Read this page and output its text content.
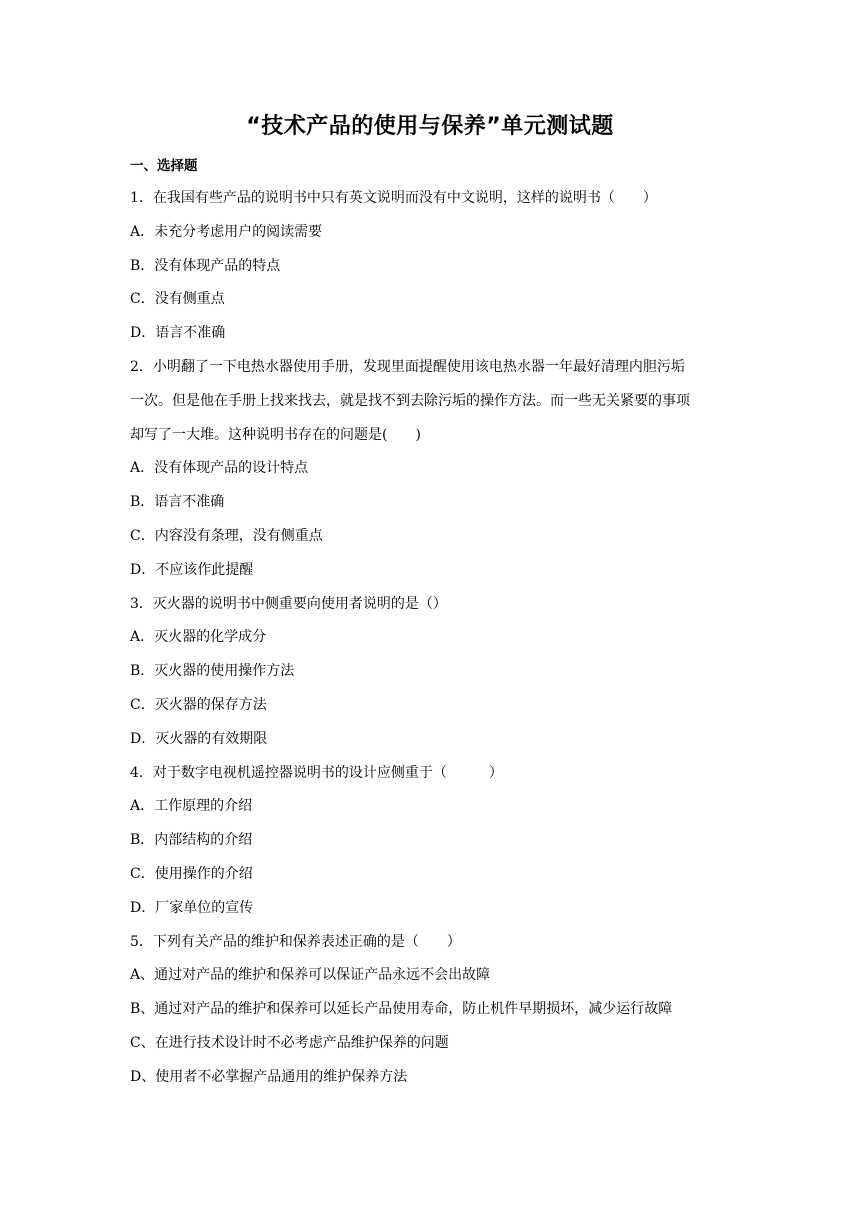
“技术产品的使用与保养”单元测试题
一、选择题
1．在我国有些产品的说明书中只有英文说明而没有中文说明，这样的说明书（　　）
A．未充分考虑用户的阅读需要
B．没有体现产品的特点
C．没有侧重点
D．语言不准确
2．小明翻了一下电热水器使用手册，发现里面提醒使用该电热水器一年最好清理内胆污垢
一次。但是他在手册上找来找去，就是找不到去除污垢的操作方法。而一些无关紧要的事项
却写了一大堆。这种说明书存在的问题是(　　)
A．没有体现产品的设计特点
B．语言不准确
C．内容没有条理，没有侧重点
D．不应该作此提醒
3．灭火器的说明书中侧重要向使用者说明的是（）
A．灭火器的化学成分
B．灭火器的使用操作方法
C．灭火器的保存方法
D．灭火器的有效期限
4．对于数字电视机遥控器说明书的设计应侧重于（　　　）
A．工作原理的介绍
B．内部结构的介绍
C．使用操作的介绍
D．厂家单位的宣传
5．下列有关产品的维护和保养表述正确的是（　　）
A、通过对产品的维护和保养可以保证产品永远不会出故障
B、通过对产品的维护和保养可以延长产品使用寿命，防止机件早期损坏，减少运行故障
C、在进行技术设计时不必考虑产品维护保养的问题
D、使用者不必掌握产品通用的维护保养方法
